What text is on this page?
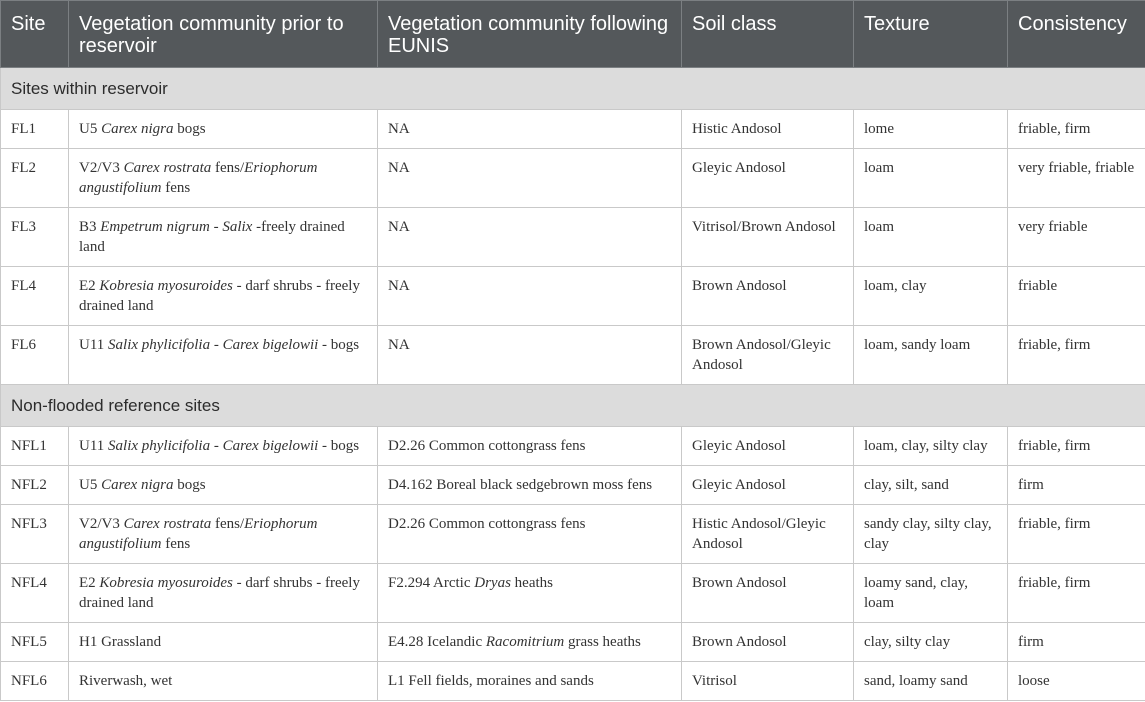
Site	Vegetation community prior to reservoir	Vegetation community following EUNIS	Soil class	Texture	Consistency
Sites within reservoir					
FL1	U5 Carex nigra bogs	NA	Histic Andosol	lome	friable, firm
FL2	V2/V3 Carex rostrata fens/Eriophorum angustifolium fens	NA	Gleyic Andosol	loam	very friable, friable
FL3	B3 Empetrum nigrum - Salix -freely drained land	NA	Vitrisol/Brown Andosol	loam	very friable
FL4	E2 Kobresia myosuroides - darf shrubs - freely drained land	NA	Brown Andosol	loam, clay	friable
FL6	U11 Salix phylicifolia - Carex bigelowii - bogs	NA	Brown Andosol/Gleyic Andosol	loam, sandy loam	friable, firm
Non-flooded reference sites					
NFL1	U11 Salix phylicifolia - Carex bigelowii - bogs	D2.26 Common cottongrass fens	Gleyic Andosol	loam, clay, silty clay	friable, firm
NFL2	U5 Carex nigra bogs	D4.162 Boreal black sedgebrown moss fens	Gleyic Andosol	clay, silt, sand	firm
NFL3	V2/V3 Carex rostrata fens/Eriophorum angustifolium fens	D2.26 Common cottongrass fens	Histic Andosol/Gleyic Andosol	sandy clay, silty clay, clay	friable, firm
NFL4	E2 Kobresia myosuroides - darf shrubs - freely drained land	F2.294 Arctic Dryas heaths	Brown Andosol	loamy sand, clay, loam	friable, firm
NFL5	H1 Grassland	E4.28 Icelandic Racomitrium grass heaths	Brown Andosol	clay, silty clay	firm
NFL6	Riverwash, wet	L1 Fell fields, moraines and sands	Vitrisol	sand, loamy sand	loose
